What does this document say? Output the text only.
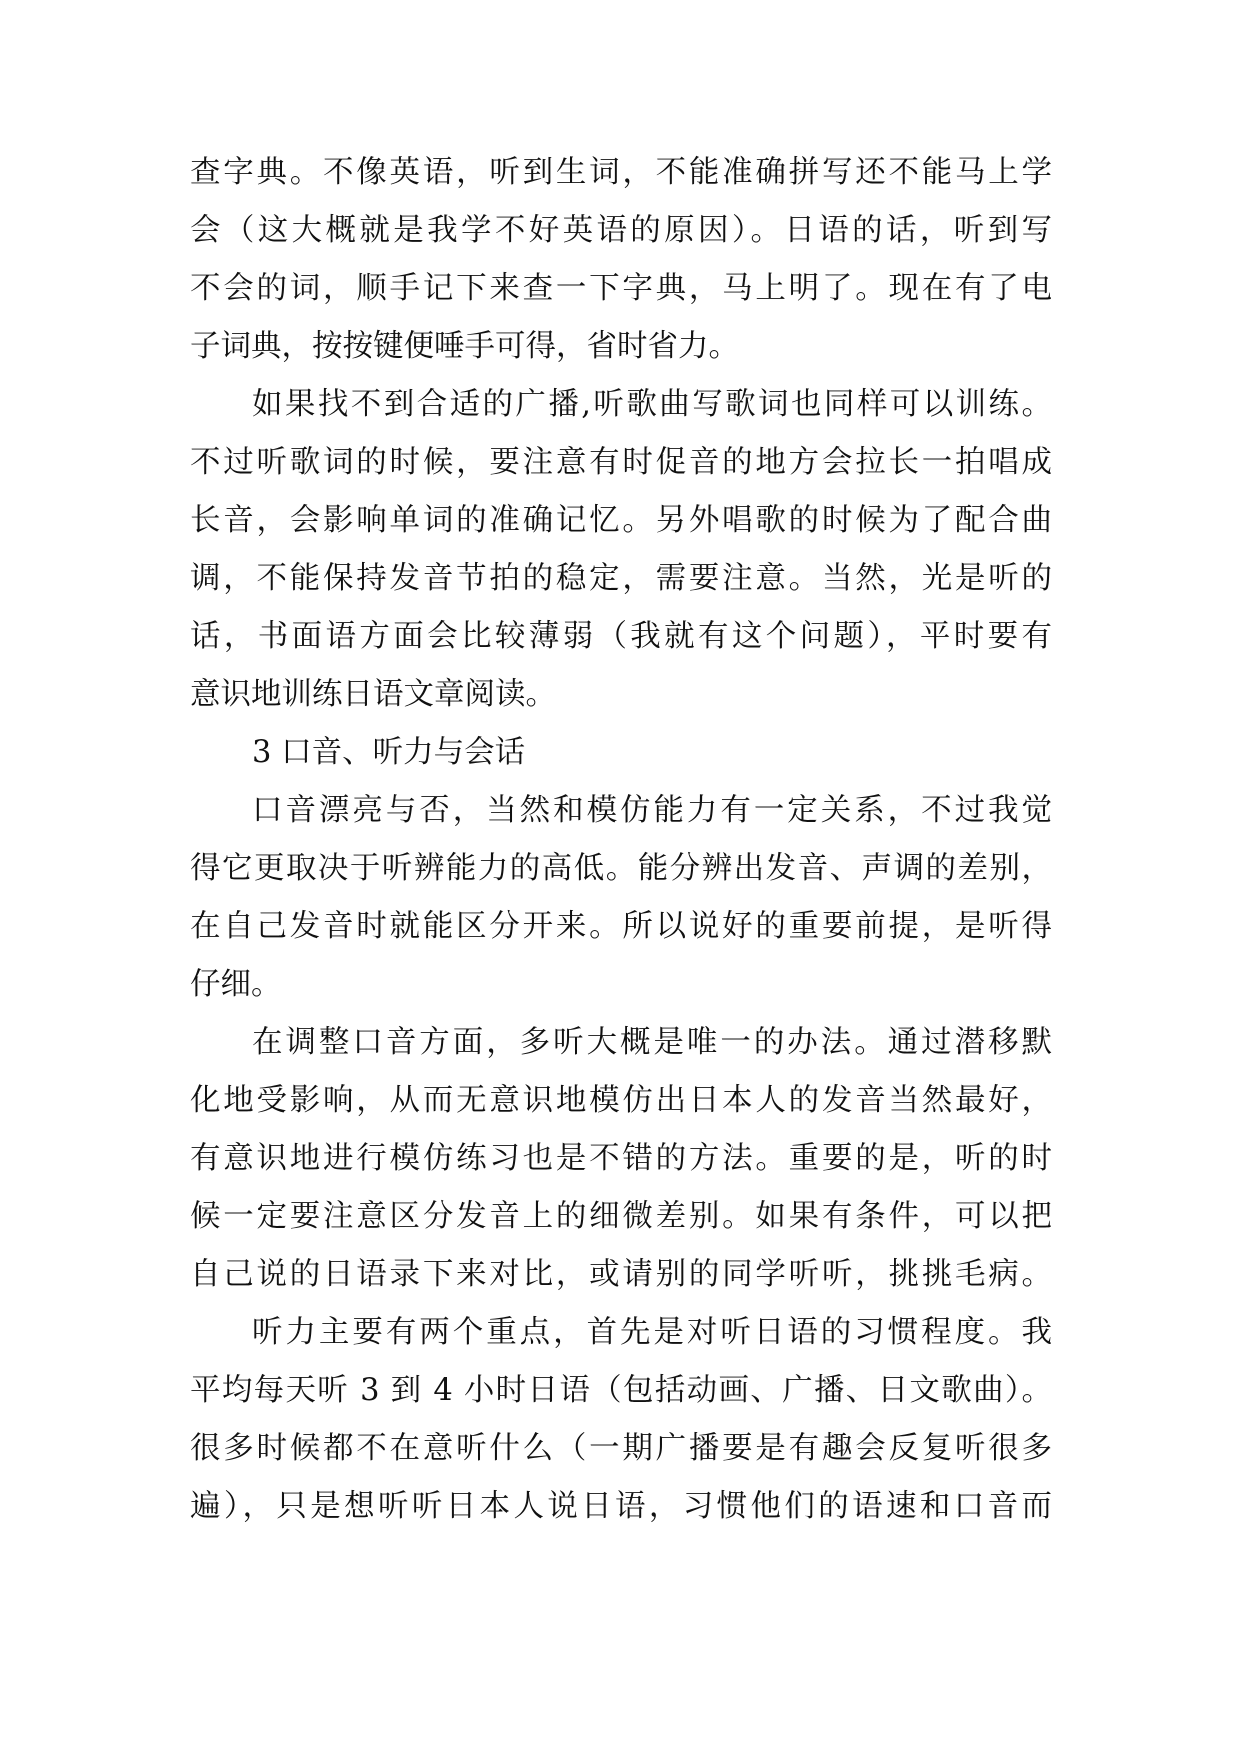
查字典。不像英语，听到生词，不能准确拼写还不能马上学
会（这大概就是我学不好英语的原因）。日语的话，听到写
不会的词，顺手记下来查一下字典，马上明了。现在有了电
子词典，按按键便唾手可得，省时省力。
如果找不到合适的广播,听歌曲写歌词也同样可以训练。
不过听歌词的时候，要注意有时促音的地方会拉长一拍唱成
长音，会影响单词的准确记忆。另外唱歌的时候为了配合曲
调，不能保持发音节拍的稳定，需要注意。当然，光是听的
话，书面语方面会比较薄弱（我就有这个问题），平时要有
意识地训练日语文章阅读。
3 口音、听力与会话
口音漂亮与否，当然和模仿能力有一定关系，不过我觉
得它更取决于听辨能力的高低。能分辨出发音、声调的差别，
在自己发音时就能区分开来。所以说好的重要前提，是听得
仔细。
在调整口音方面，多听大概是唯一的办法。通过潜移默
化地受影响，从而无意识地模仿出日本人的发音当然最好，
有意识地进行模仿练习也是不错的方法。重要的是，听的时
候一定要注意区分发音上的细微差别。如果有条件，可以把
自己说的日语录下来对比，或请别的同学听听，挑挑毛病。
听力主要有两个重点，首先是对听日语的习惯程度。我
平均每天听 3 到 4 小时日语（包括动画、广播、日文歌曲）。
很多时候都不在意听什么（一期广播要是有趣会反复听很多
遍），只是想听听日本人说日语，习惯他们的语速和口音而
